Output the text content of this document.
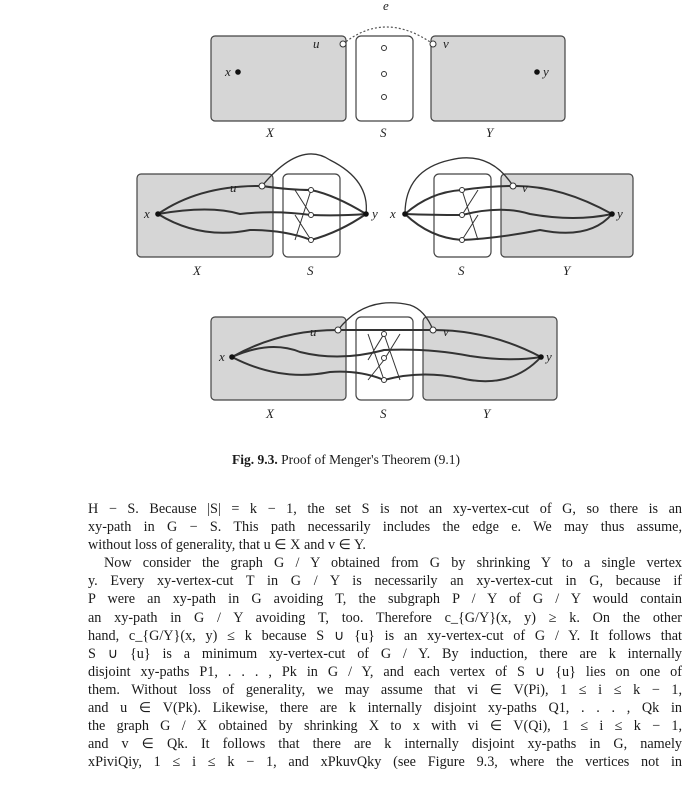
e
u	v
x	y
X	S	Y
u
x	y
X	S
v
x	y
S	Y
u	v
x	y
X	S	Y
Fig. 9.3. Proof of Menger's Theorem (9.1)

H − S. Because |S| = k − 1, the set S is not an xy-vertex-cut of G, so there is an
xy-path in G − S. This path necessarily includes the edge e. We may thus assume,
without loss of generality, that u ∈ X and v ∈ Y.

Now consider the graph G / Y obtained from G by shrinking Y to a single vertex
y. Every xy-vertex-cut T in G / Y is necessarily an xy-vertex-cut in G, because if
P were an xy-path in G avoiding T, the subgraph P / Y of G / Y would contain
an xy-path in G / Y avoiding T, too. Therefore c_{G/Y}(x, y) ≥ k. On the other
hand, c_{G/Y}(x, y) ≤ k because S ∪ {u} is an xy-vertex-cut of G / Y. It follows that
S ∪ {u} is a minimum xy-vertex-cut of G / Y. By induction, there are k internally
disjoint xy-paths P1, . . . , Pk in G / Y, and each vertex of S ∪ {u} lies on one of
them. Without loss of generality, we may assume that vi ∈ V(Pi), 1 ≤ i ≤ k − 1,
and u ∈ V(Pk). Likewise, there are k internally disjoint xy-paths Q1, . . . , Qk in
the graph G / X obtained by shrinking X to x with vi ∈ V(Qi), 1 ≤ i ≤ k − 1,
and v ∈ Qk. It follows that there are k internally disjoint xy-paths in G, namely
xPiviQiy, 1 ≤ i ≤ k − 1, and xPkuvQky (see Figure 9.3, where the vertices not in
